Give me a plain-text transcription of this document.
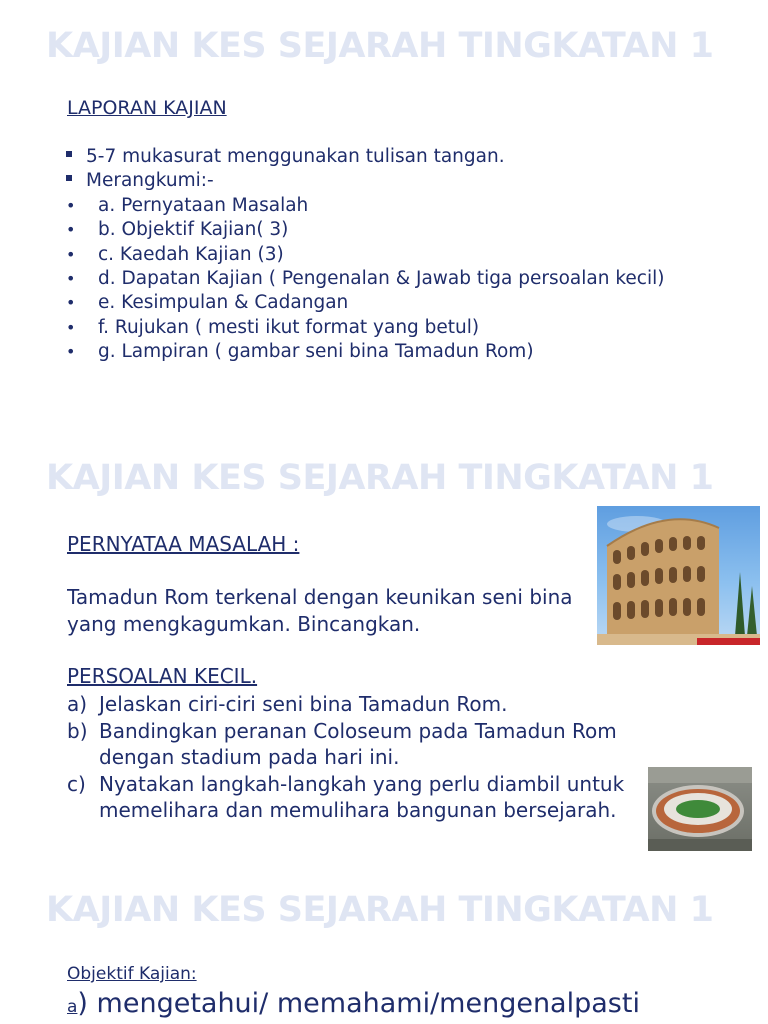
KAJIAN KES SEJARAH TINGKATAN 1

LAPORAN KAJIAN

5-7 mukasurat menggunakan tulisan tangan.
Merangkumi:-
• a. Pernyataan Masalah
• b. Objektif Kajian( 3)
• c. Kaedah Kajian (3)
• d. Dapatan Kajian ( Pengenalan & Jawab tiga persoalan kecil)
• e. Kesimpulan & Cadangan
• f. Rujukan ( mesti ikut format yang betul)
• g. Lampiran ( gambar seni bina Tamadun Rom)
KAJIAN KES SEJARAH TINGKATAN 1

PERNYATAA MASALAH :

Tamadun Rom terkenal dengan keunikan seni bina
yang mengkagumkan. Bincangkan.

PERSOALAN KECIL.

a) Jelaskan ciri-ciri seni bina Tamadun Rom.
b) Bandingkan peranan Coloseum pada Tamadun Rom
dengan stadium pada hari ini.
c) Nyatakan langkah-langkah yang perlu diambil untuk
memelihara dan memulihara bangunan bersejarah.
KAJIAN KES SEJARAH TINGKATAN 1

Objektif Kajian:

a) mengetahui/ memahami/mengenalpasti
